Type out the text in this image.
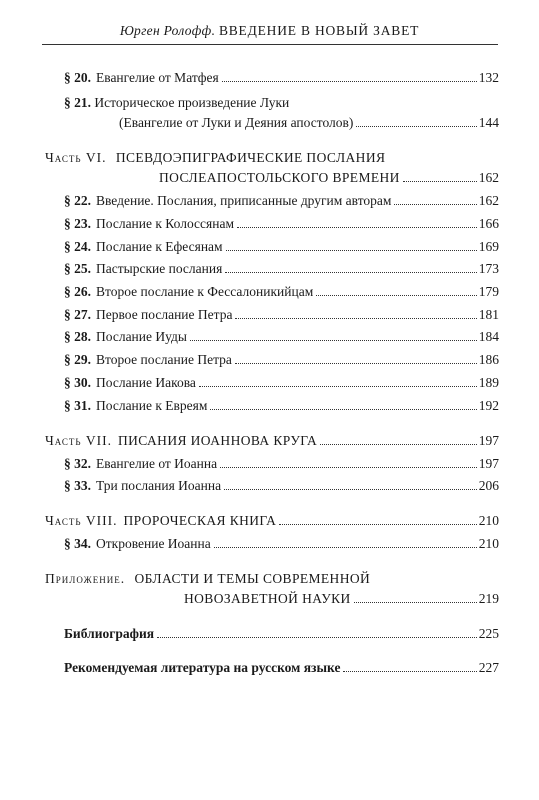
Юрген Ролофф. ВВЕДЕНИЕ В НОВЫЙ ЗАВЕТ
§ 20. Евангелие от Матфея	132
§ 21. Историческое произведение Луки
(Евангелие от Луки и Деяния апостолов)	144
Часть VI. ПСЕВДОЭПИГРАФИЧЕСКИЕ ПОСЛАНИЯ
ПОСЛЕАПОСТОЛЬСКОГО ВРЕМЕНИ	162
§ 22. Введение. Послания, приписанные другим авторам	162
§ 23. Послание к Колоссянам	166
§ 24. Послание к Ефесянам	169
§ 25. Пастырские послания	173
§ 26. Второе послание к Фессалоникийцам	179
§ 27. Первое послание Петра	181
§ 28. Послание Иуды	184
§ 29. Второе послание Петра	186
§ 30. Послание Иакова	189
§ 31. Послание к Евреям	192
Часть VII. ПИСАНИЯ ИОАННОВА КРУГА	197
§ 32. Евангелие от Иоанна	197
§ 33. Три послания Иоанна	206
Часть VIII. ПРОРОЧЕСКАЯ КНИГА	210
§ 34. Откровение Иоанна	210
Приложение. ОБЛАСТИ И ТЕМЫ СОВРЕМЕННОЙ
НОВОЗАВЕТНОЙ НАУКИ	219
Библиография	225
Рекомендуемая литература на русском языке	227
